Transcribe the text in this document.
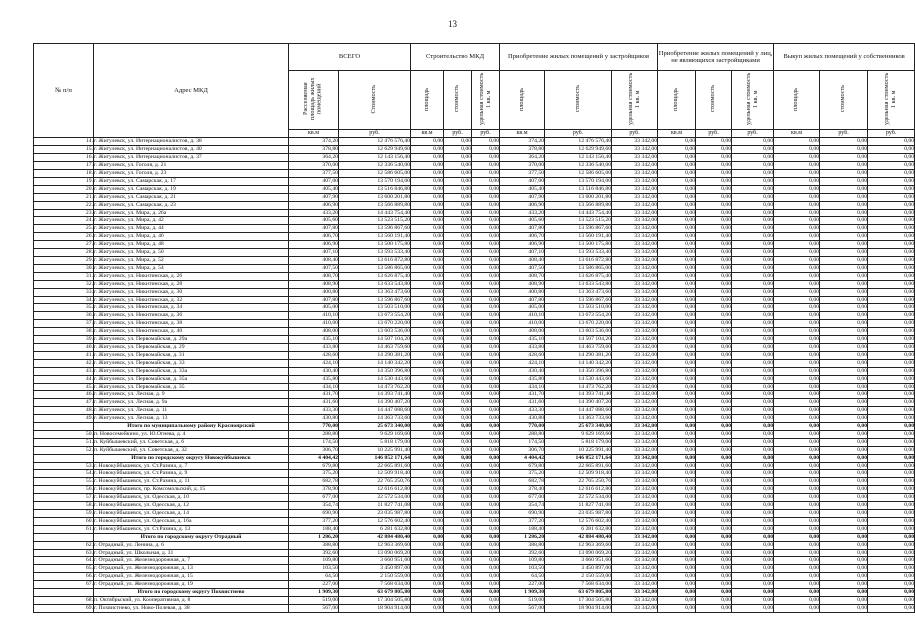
13
№ п/п	Адрес МКД	ВСЕГО		Строительство МКД			Приобретение жилых помещений у застройщиков			Приобретение жилых помещений у лиц, не являющихся застройщиками			Выкуп жилых помещений у собственников		
		Расселяемая площадь жилых помещений	Стоимость	площадь	стоимость	удельная стоимость 1 кв. м	площадь	стоимость	удельная стоимость 1 кв. м	площадь	стоимость	удельная стоимость 1 кв. м	площадь	стоимость	удельная стоимость 1 кв. м
		кв.м	руб.	кв.м	руб.	руб.	кв.м	руб.	руб.	кв.м	руб.	руб.	кв.м	руб.	руб.
14.	г. Жигулевск, ул. Интернационалистов, д. 38	374,20	12 476 576,40	0,00	0,00	0,00	374,20	12 476 576,40	33 342,00	0,00	0,00	0,00	0,00	0,00	0,00
15.	г. Жигулевск, ул. Интернационалистов, д. 40	378,80	12 629 949,60	0,00	0,00	0,00	378,80	12 629 949,60	33 342,00	0,00	0,00	0,00	0,00	0,00	0,00
16.	г. Жигулевск, ул. Интернационалистов, д. 37	364,20	12 143 156,40	0,00	0,00	0,00	364,20	12 143 156,40	33 342,00	0,00	0,00	0,00	0,00	0,00	0,00
17.	г. Жигулевск, ул. Гоголя, д. 21	370,00	12 336 540,00	0,00	0,00	0,00	370,00	12 336 540,00	33 342,00	0,00	0,00	0,00	0,00	0,00	0,00
18.	г. Жигулевск, ул. Гоголя, д. 23	377,50	12 586 605,00	0,00	0,00	0,00	377,50	12 586 605,00	33 342,00	0,00	0,00	0,00	0,00	0,00	0,00
19.	г. Жигулевск, ул. Самарская, д. 17	407,00	13 570 194,00	0,00	0,00	0,00	407,00	13 570 194,00	33 342,00	0,00	0,00	0,00	0,00	0,00	0,00
20.	г. Жигулевск, ул. Самарская, д. 19	405,40	13 516 846,80	0,00	0,00	0,00	405,40	13 516 846,80	33 342,00	0,00	0,00	0,00	0,00	0,00	0,00
21.	г. Жигулевск, ул. Самарская, д. 21	407,90	13 600 201,80	0,00	0,00	0,00	407,90	13 600 201,80	33 342,00	0,00	0,00	0,00	0,00	0,00	0,00
22.	г. Жигулевск, ул. Самарская, д. 23	406,90	13 566 889,80	0,00	0,00	0,00	406,90	13 566 889,80	33 342,00	0,00	0,00	0,00	0,00	0,00	0,00
23.	г. Жигулевск, ул. Мира, д. 26а	433,20	14 443 754,40	0,00	0,00	0,00	433,20	14 443 754,40	33 342,00	0,00	0,00	0,00	0,00	0,00	0,00
24.	г. Жигулевск, ул. Мира, д. 42	405,60	13 523 515,20	0,00	0,00	0,00	405,60	13 523 515,20	33 342,00	0,00	0,00	0,00	0,00	0,00	0,00
25.	г. Жигулевск, ул. Мира, д. 44	407,80	13 596 867,60	0,00	0,00	0,00	407,80	13 596 867,60	33 342,00	0,00	0,00	0,00	0,00	0,00	0,00
26.	г. Жигулевск, ул. Мира, д. 46	406,70	13 560 191,40	0,00	0,00	0,00	406,70	13 560 191,40	33 342,00	0,00	0,00	0,00	0,00	0,00	0,00
27.	г. Жигулевск, ул. Мира, д. 48	406,90	13 500 175,80	0,00	0,00	0,00	406,90	13 500 175,80	33 342,00	0,00	0,00	0,00	0,00	0,00	0,00
28.	г. Жигулевск, ул. Мира, д. 50	407,10	13 593 533,40	0,00	0,00	0,00	407,10	13 593 533,40	33 342,00	0,00	0,00	0,00	0,00	0,00	0,00
29.	г. Жигулевск, ул. Мира, д. 52	408,40	13 616 872,80	0,00	0,00	0,00	408,40	13 616 872,80	33 342,00	0,00	0,00	0,00	0,00	0,00	0,00
30.	г. Жигулевск, ул. Мира, д. 54	407,50	13 586 865,00	0,00	0,00	0,00	407,50	13 586 865,00	33 342,00	0,00	0,00	0,00	0,00	0,00	0,00
31.	г. Жигулевск, ул. Никитинская, д. 26	408,70	13 626 875,40	0,00	0,00	0,00	408,70	13 626 875,40	33 342,00	0,00	0,00	0,00	0,00	0,00	0,00
32.	г. Жигулевск, ул. Никитинская, д. 28	408,90	13 633 543,80	0,00	0,00	0,00	408,90	13 633 543,80	33 342,00	0,00	0,00	0,00	0,00	0,00	0,00
33.	г. Жигулевск, ул. Никитинская, д. 30	400,80	13 363 473,60	0,00	0,00	0,00	400,80	13 363 473,60	33 342,00	0,00	0,00	0,00	0,00	0,00	0,00
34.	г. Жигулевск, ул. Никитинская, д. 32	407,80	13 596 867,60	0,00	0,00	0,00	407,80	13 596 867,60	33 342,00	0,00	0,00	0,00	0,00	0,00	0,00
35.	г. Жигулевск, ул. Никитинская, д. 34	405,00	13 503 510,00	0,00	0,00	0,00	405,00	13 503 510,00	33 342,00	0,00	0,00	0,00	0,00	0,00	0,00
36.	г. Жигулевск, ул. Никитинская, д. 36	410,10	13 673 554,20	0,00	0,00	0,00	410,10	13 673 554,20	33 342,00	0,00	0,00	0,00	0,00	0,00	0,00
37.	г. Жигулевск, ул. Никитинская, д. 38	410,00	13 670 220,00	0,00	0,00	0,00	410,00	13 670 220,00	33 342,00	0,00	0,00	0,00	0,00	0,00	0,00
38.	г. Жигулевск, ул. Никитинская, д. 40	408,00	13 603 536,00	0,00	0,00	0,00	408,00	13 603 536,00	33 342,00	0,00	0,00	0,00	0,00	0,00	0,00
39.	г. Жигулевск, ул. Первомайская, д. 29а	435,10	14 507 104,20	0,00	0,00	0,00	435,10	14 507 104,20	33 342,00	0,00	0,00	0,00	0,00	0,00	0,00
40.	г. Жигулевск, ул. Первомайская, д. 29	433,80	14 463 759,60	0,00	0,00	0,00	433,80	14 463 759,60	33 342,00	0,00	0,00	0,00	0,00	0,00	0,00
41.	г. Жигулевск, ул. Первомайская, д. 31	428,60	14 290 381,20	0,00	0,00	0,00	428,60	14 290 381,20	33 342,00	0,00	0,00	0,00	0,00	0,00	0,00
42.	г. Жигулевск, ул. Первомайская, д. 33	424,10	14 140 342,20	0,00	0,00	0,00	424,10	14 140 342,20	33 342,00	0,00	0,00	0,00	0,00	0,00	0,00
43.	г. Жигулевск, ул. Первомайская, д. 33а	430,40	14 350 396,80	0,00	0,00	0,00	430,40	14 350 396,80	33 342,00	0,00	0,00	0,00	0,00	0,00	0,00
44.	г. Жигулевск, ул. Первомайская, д. 35а	435,80	14 530 443,60	0,00	0,00	0,00	435,80	14 530 443,60	33 342,00	0,00	0,00	0,00	0,00	0,00	0,00
45.	г. Жигулевск, ул. Первомайская, д. 35	434,10	14 473 762,20	0,00	0,00	0,00	434,10	14 473 762,20	33 342,00	0,00	0,00	0,00	0,00	0,00	0,00
46.	г. Жигулевск, ул. Лесная, д. 9	431,70	14 393 741,40	0,00	0,00	0,00	431,70	14 393 741,40	33 342,00	0,00	0,00	0,00	0,00	0,00	0,00
47.	г. Жигулевск, ул. Лесная, д. 9а	431,60	14 390 407,20	0,00	0,00	0,00	431,60	14 390 407,20	33 342,00	0,00	0,00	0,00	0,00	0,00	0,00
48.	г. Жигулевск, ул. Лесная, д. 11	433,30	14 447 088,60	0,00	0,00	0,00	433,30	14 447 088,60	33 342,00	0,00	0,00	0,00	0,00	0,00	0,00
49.	г. Жигулевск, ул. Лесная, д. 13	430,80	14 363 733,60	0,00	0,00	0,00	430,80	14 363 733,60	33 342,00	0,00	0,00	0,00	0,00	0,00	0,00
	Итого по муниципальному району Красноярский	770,00	25 673 340,00	0,00	0,00	0,00	770,00	25 673 340,00	33 342,00	0,00	0,00	0,00	0,00	0,00	0,00
50.	п. Новосемейкино, ул. Ю.Огнева, д. 4	288,80	9 629 169,60	0,00	0,00	0,00	288,80	9 629 169,60	33 342,00	0,00	0,00	0,00	0,00	0,00	0,00
51.	п. Куйбышевский, ул. Советская, д. 6	174,50	5 818 179,00	0,00	0,00	0,00	174,50	5 818 179,00	33 342,00	0,00	0,00	0,00	0,00	0,00	0,00
52.	п. Куйбышевский, ул. Советская, д. 32	306,70	10 225 991,40	0,00	0,00	0,00	306,70	10 225 991,40	33 342,00	0,00	0,00	0,00	0,00	0,00	0,00
	Итого по городскому округу Новокуйбышевск	4 404,42	146 852 171,64	0,00	0,00	0,00	4 404,42	146 852 171,64	33 342,00	0,00	0,00	0,00	0,00	0,00	0,00
53.	г. Новокуйбышевск, ул. Ст.Разина, д. 7	679,80	22 665 891,60	0,00	0,00	0,00	679,80	22 665 891,60	33 342,00	0,00	0,00	0,00	0,00	0,00	0,00
54.	г. Новокуйбышевск, ул. Ст.Разина, д. 9	375,20	12 509 918,40	0,00	0,00	0,00	375,20	12 509 918,40	33 342,00	0,00	0,00	0,00	0,00	0,00	0,00
55.	г. Новокуйбышевск, ул. Ст.Разина, д. 11	682,78	22 765 250,76	0,00	0,00	0,00	682,78	22 765 250,76	33 342,00	0,00	0,00	0,00	0,00	0,00	0,00
56.	г. Новокуйбышевск, пр. Комсомольский, д. 15	378,90	12 616 612,80	0,00	0,00	0,00	378,40	12 616 612,80	33 342,00	0,00	0,00	0,00	0,00	0,00	0,00
57.	г. Новокуйбышевск, ул. Одесская, д. 10	677,00	22 572 534,00	0,00	0,00	0,00	677,00	22 572 534,00	33 342,00	0,00	0,00	0,00	0,00	0,00	0,00
58.	г. Новокуйбышевск, ул. Одесская, д. 12	354,74	11 827 741,08	0,00	0,00	0,00	354,74	11 827 741,08	33 342,00	0,00	0,00	0,00	0,00	0,00	0,00
59.	г. Новокуйбышевск, ул. Одесская, д. 14	690,90	23 035 987,80	0,00	0,00	0,00	690,90	23 035 987,80	33 342,00	0,00	0,00	0,00	0,00	0,00	0,00
60.	г. Новокуйбышевск, ул. Одесская, д. 16а	377,20	12 576 602,40	0,00	0,00	0,00	377,20	12 576 602,40	33 342,00	0,00	0,00	0,00	0,00	0,00	0,00
61.	г. Новокуйбышевск, ул. Ст.Разина, д. 13	188,40	6 281 632,80	0,00	0,00	0,00	188,40	6 281 632,80	33 342,00	0,00	0,00	0,00	0,00	0,00	0,00
	Итого по городскому округу Отрадный	1 286,20	42 884 480,40	0,00	0,00	0,00	1 286,20	42 884 480,40	33 342,00	0,00	0,00	0,00	0,00	0,00	0,00
62.	г. Отрадный, ул. Ленина, д. 6	388,80	12 963 369,60	0,00	0,00	0,00	388,80	12 963 369,60	33 342,00	0,00	0,00	0,00	0,00	0,00	0,00
63.	г. Отрадный, ул. Школьная, д. 31	392,60	13 090 069,20	0,00	0,00	0,00	392,60	13 090 069,20	33 342,00	0,00	0,00	0,00	0,00	0,00	0,00
64.	г. Отрадный, ул. Железнодорожная, д. 7	109,80	3 660 951,60	0,00	0,00	0,00	109,80	3 660 951,60	33 342,00	0,00	0,00	0,00	0,00	0,00	0,00
65.	г. Отрадный, ул. Железнодорожная, д. 13	103,50	3 450 897,00	0,00	0,00	0,00	103,50	3 450 897,00	33 342,00	0,00	0,00	0,00	0,00	0,00	0,00
66.	г. Отрадный, ул. Железнодорожная, д. 15	64,50	2 150 559,00	0,00	0,00	0,00	64,50	2 150 559,00	33 342,00	0,00	0,00	0,00	0,00	0,00	0,00
67.	г. Отрадный, ул. Железнодорожная, д. 19	227,00	7 568 634,00	0,00	0,00	0,00	227,00	7 568 634,00	33 342,00	0,00	0,00	0,00	0,00	0,00	0,00
	Итого по городскому округу Похвистнево	1 909,30	63 679 805,80	0,00	0,00	0,00	1 909,30	63 679 805,80	33 342,00	0,00	0,00	0,00	0,00	0,00	0,00
68.	п. Октябрьский, ул. Кооперативная, д. 8	519,00	17 304 505,80	0,00	0,00	0,00	519,00	17 304 505,80	33 342,00	0,00	0,00	0,00	0,00	0,00	0,00
69.	г. Похвистнево, ул. Ново-Полевая, д. 38	567,00	18 904 914,00	0,00	0,00	0,00	567,00	18 904 914,00	33 342,00	0,00	0,00	0,00	0,00	0,00	0,00
